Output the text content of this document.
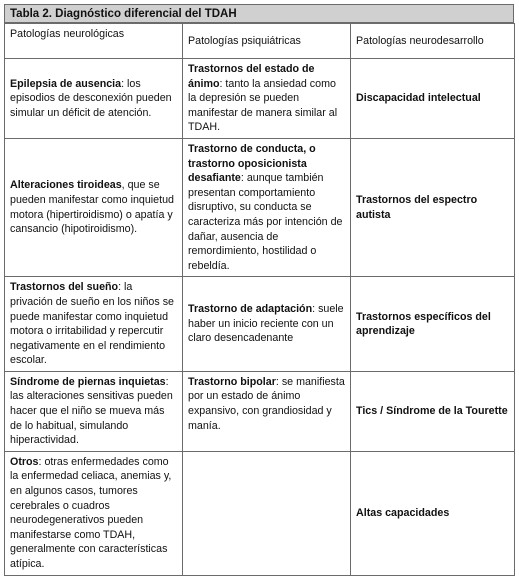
Tabla 2. Diagnóstico diferencial del TDAH
Patologías neurológicas	Patologías psiquiátricas	Patologías neurodesarrollo
Epilepsia de ausencia: los episodios de desconexión pueden simular un déficit de atención.	Trastornos del estado de ánimo: tanto la ansiedad como la depresión se pueden manifestar de manera similar al TDAH.	Discapacidad intelectual
Alteraciones tiroideas, que se pueden manifestar como inquietud motora (hipertiroidismo) o apatía y cansancio (hipotiroidismo).	Trastorno de conducta, o trastorno oposicionista desafiante: aunque también presentan comportamiento disruptivo, su conducta se caracteriza más por intención de dañar, ausencia de remordimiento, hostilidad o rebeldía.	Trastornos del espectro autista
Trastornos del sueño: la privación de sueño en los niños se puede manifestar como inquietud motora o irritabilidad y repercutir negativamente en el rendimiento escolar.	Trastorno de adaptación: suele haber un inicio reciente con un claro desencadenante	Trastornos específicos del aprendizaje
Síndrome de piernas inquietas: las alteraciones sensitivas pueden hacer que el niño se mueva más de lo habitual, simulando hiperactividad.	Trastorno bipolar: se manifiesta por un estado de ánimo expansivo, con grandiosidad y manía.	Tics / Síndrome de la Tourette
Otros: otras enfermedades como la enfermedad celiaca, anemias y, en algunos casos, tumores cerebrales o cuadros neurodegenerativos pueden manifestarse como TDAH, generalmente con características atípica.		Altas capacidades
